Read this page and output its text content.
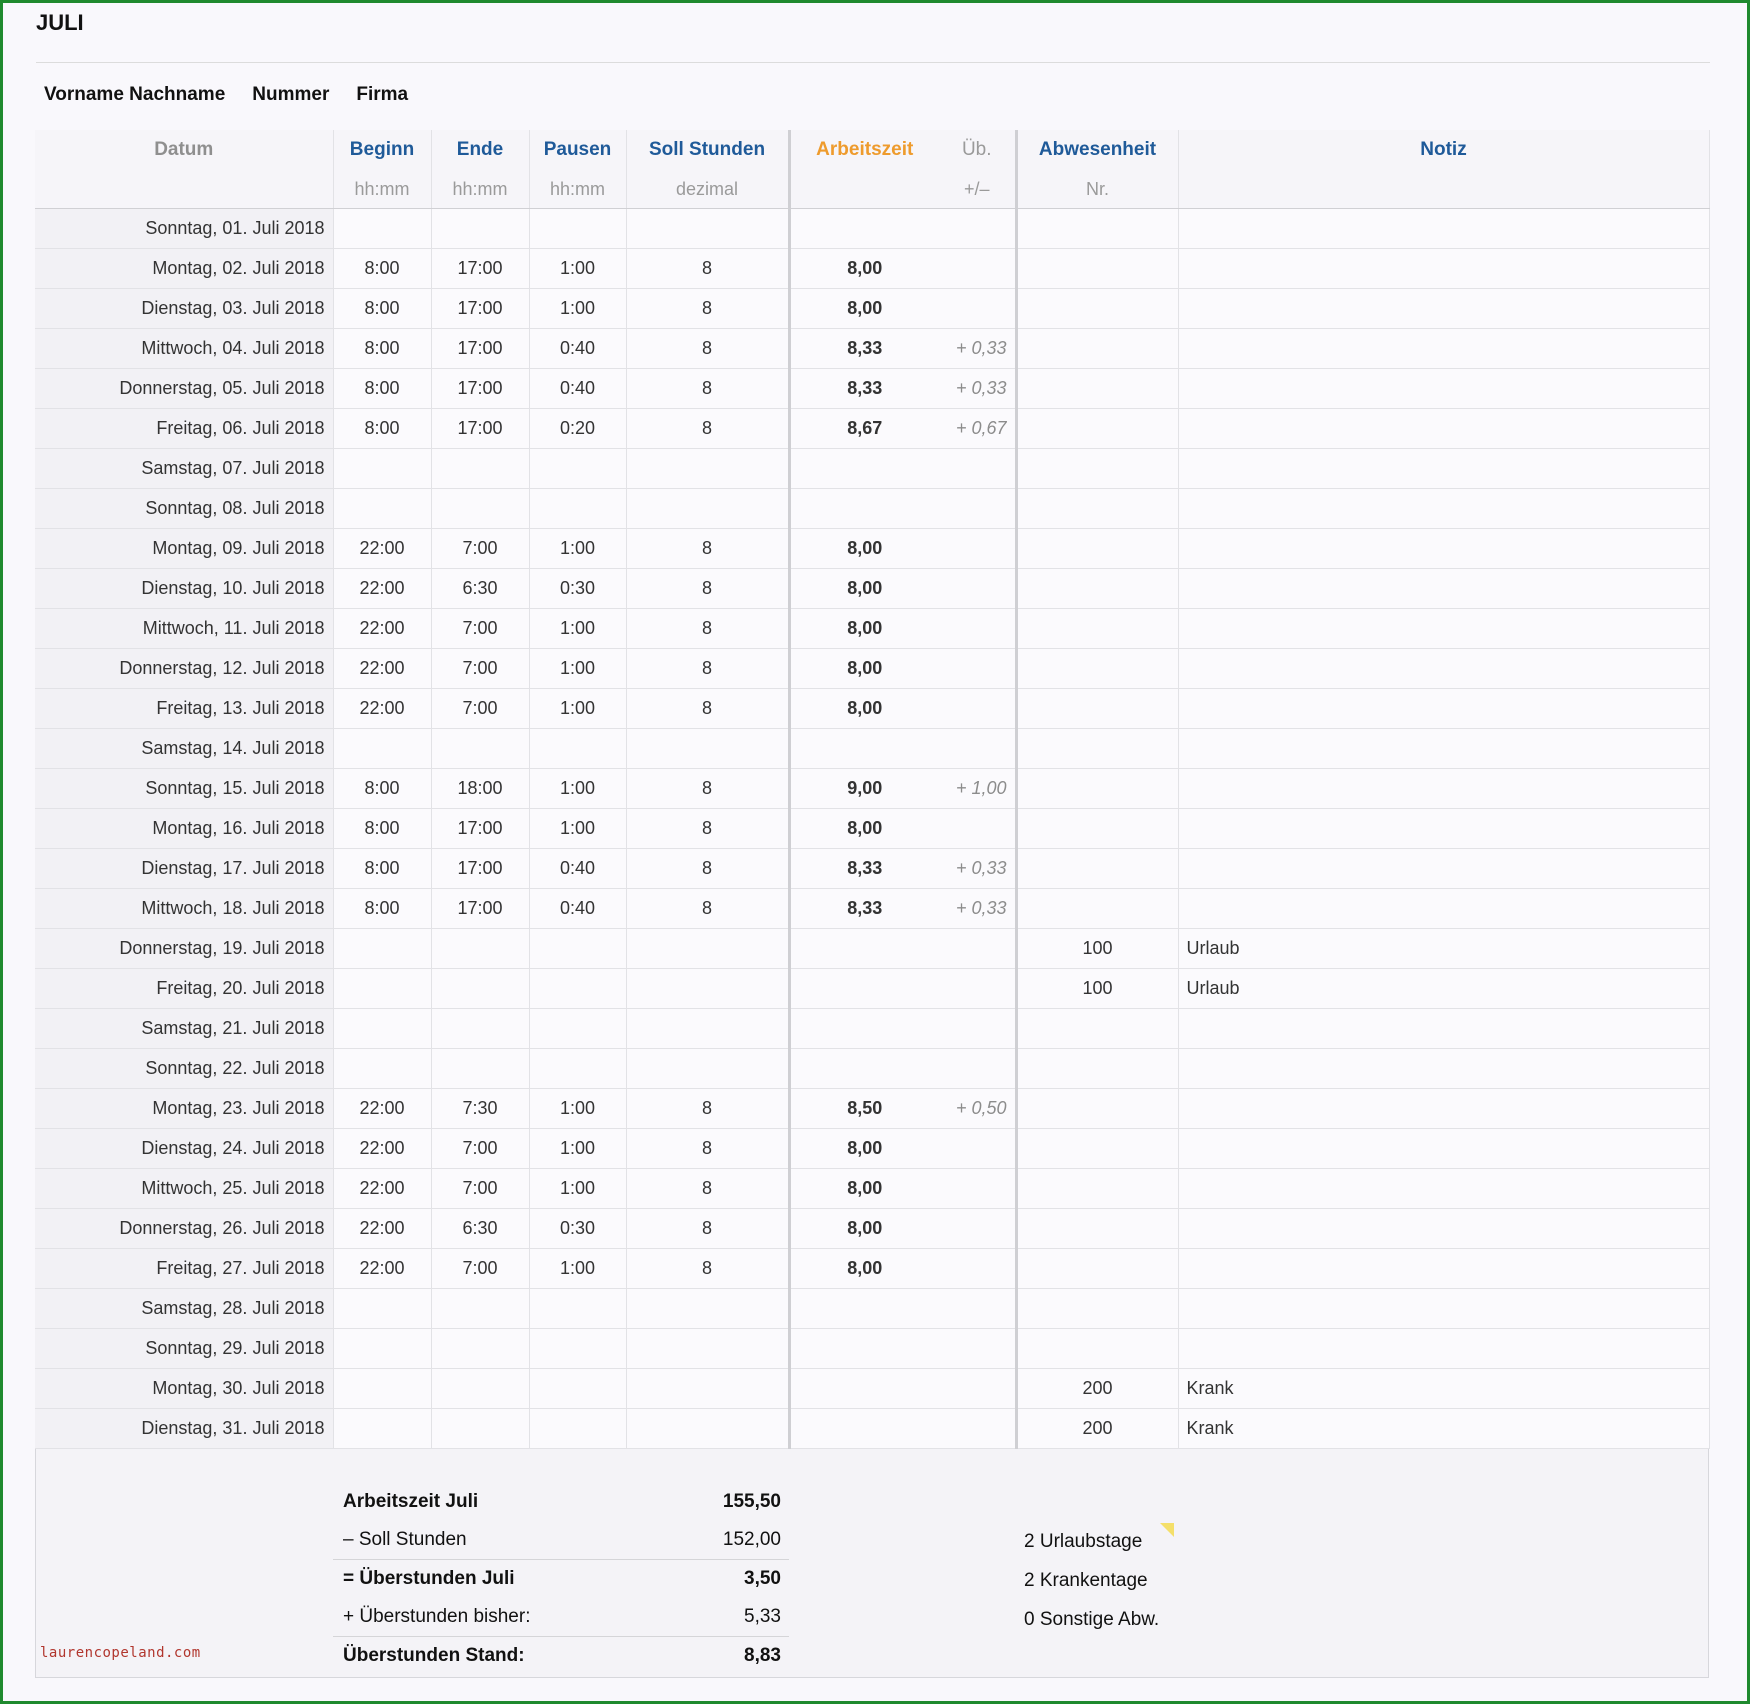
JULI
Vorname Nachname Nummer Firma
Datum	Beginn	Ende	Pausen	Soll Stunden	Arbeitszeit	Üb.	Abwesenheit	Notiz
	hh:mm	hh:mm	hh:mm	dezimal		+/–	Nr.	
Sonntag, 01. Juli 2018								
Montag, 02. Juli 2018	8:00	17:00	1:00	8	8,00			
Dienstag, 03. Juli 2018	8:00	17:00	1:00	8	8,00			
Mittwoch, 04. Juli 2018	8:00	17:00	0:40	8	8,33	+ 0,33		
Donnerstag, 05. Juli 2018	8:00	17:00	0:40	8	8,33	+ 0,33		
Freitag, 06. Juli 2018	8:00	17:00	0:20	8	8,67	+ 0,67		
Samstag, 07. Juli 2018								
Sonntag, 08. Juli 2018								
Montag, 09. Juli 2018	22:00	7:00	1:00	8	8,00			
Dienstag, 10. Juli 2018	22:00	6:30	0:30	8	8,00			
Mittwoch, 11. Juli 2018	22:00	7:00	1:00	8	8,00			
Donnerstag, 12. Juli 2018	22:00	7:00	1:00	8	8,00			
Freitag, 13. Juli 2018	22:00	7:00	1:00	8	8,00			
Samstag, 14. Juli 2018								
Sonntag, 15. Juli 2018	8:00	18:00	1:00	8	9,00	+ 1,00		
Montag, 16. Juli 2018	8:00	17:00	1:00	8	8,00			
Dienstag, 17. Juli 2018	8:00	17:00	0:40	8	8,33	+ 0,33		
Mittwoch, 18. Juli 2018	8:00	17:00	0:40	8	8,33	+ 0,33		
Donnerstag, 19. Juli 2018							100	Urlaub
Freitag, 20. Juli 2018							100	Urlaub
Samstag, 21. Juli 2018								
Sonntag, 22. Juli 2018								
Montag, 23. Juli 2018	22:00	7:30	1:00	8	8,50	+ 0,50		
Dienstag, 24. Juli 2018	22:00	7:00	1:00	8	8,00			
Mittwoch, 25. Juli 2018	22:00	7:00	1:00	8	8,00			
Donnerstag, 26. Juli 2018	22:00	6:30	0:30	8	8,00			
Freitag, 27. Juli 2018	22:00	7:00	1:00	8	8,00			
Samstag, 28. Juli 2018								
Sonntag, 29. Juli 2018								
Montag, 30. Juli 2018							200	Krank
Dienstag, 31. Juli 2018							200	Krank
Arbeitszeit Juli	155,50
– Soll Stunden	152,00
= Überstunden Juli	3,50
+ Überstunden bisher:	5,33
Überstunden Stand:	8,83
2 Urlaubstage
2 Krankentage
0 Sonstige Abw.
laurencopeland.com
